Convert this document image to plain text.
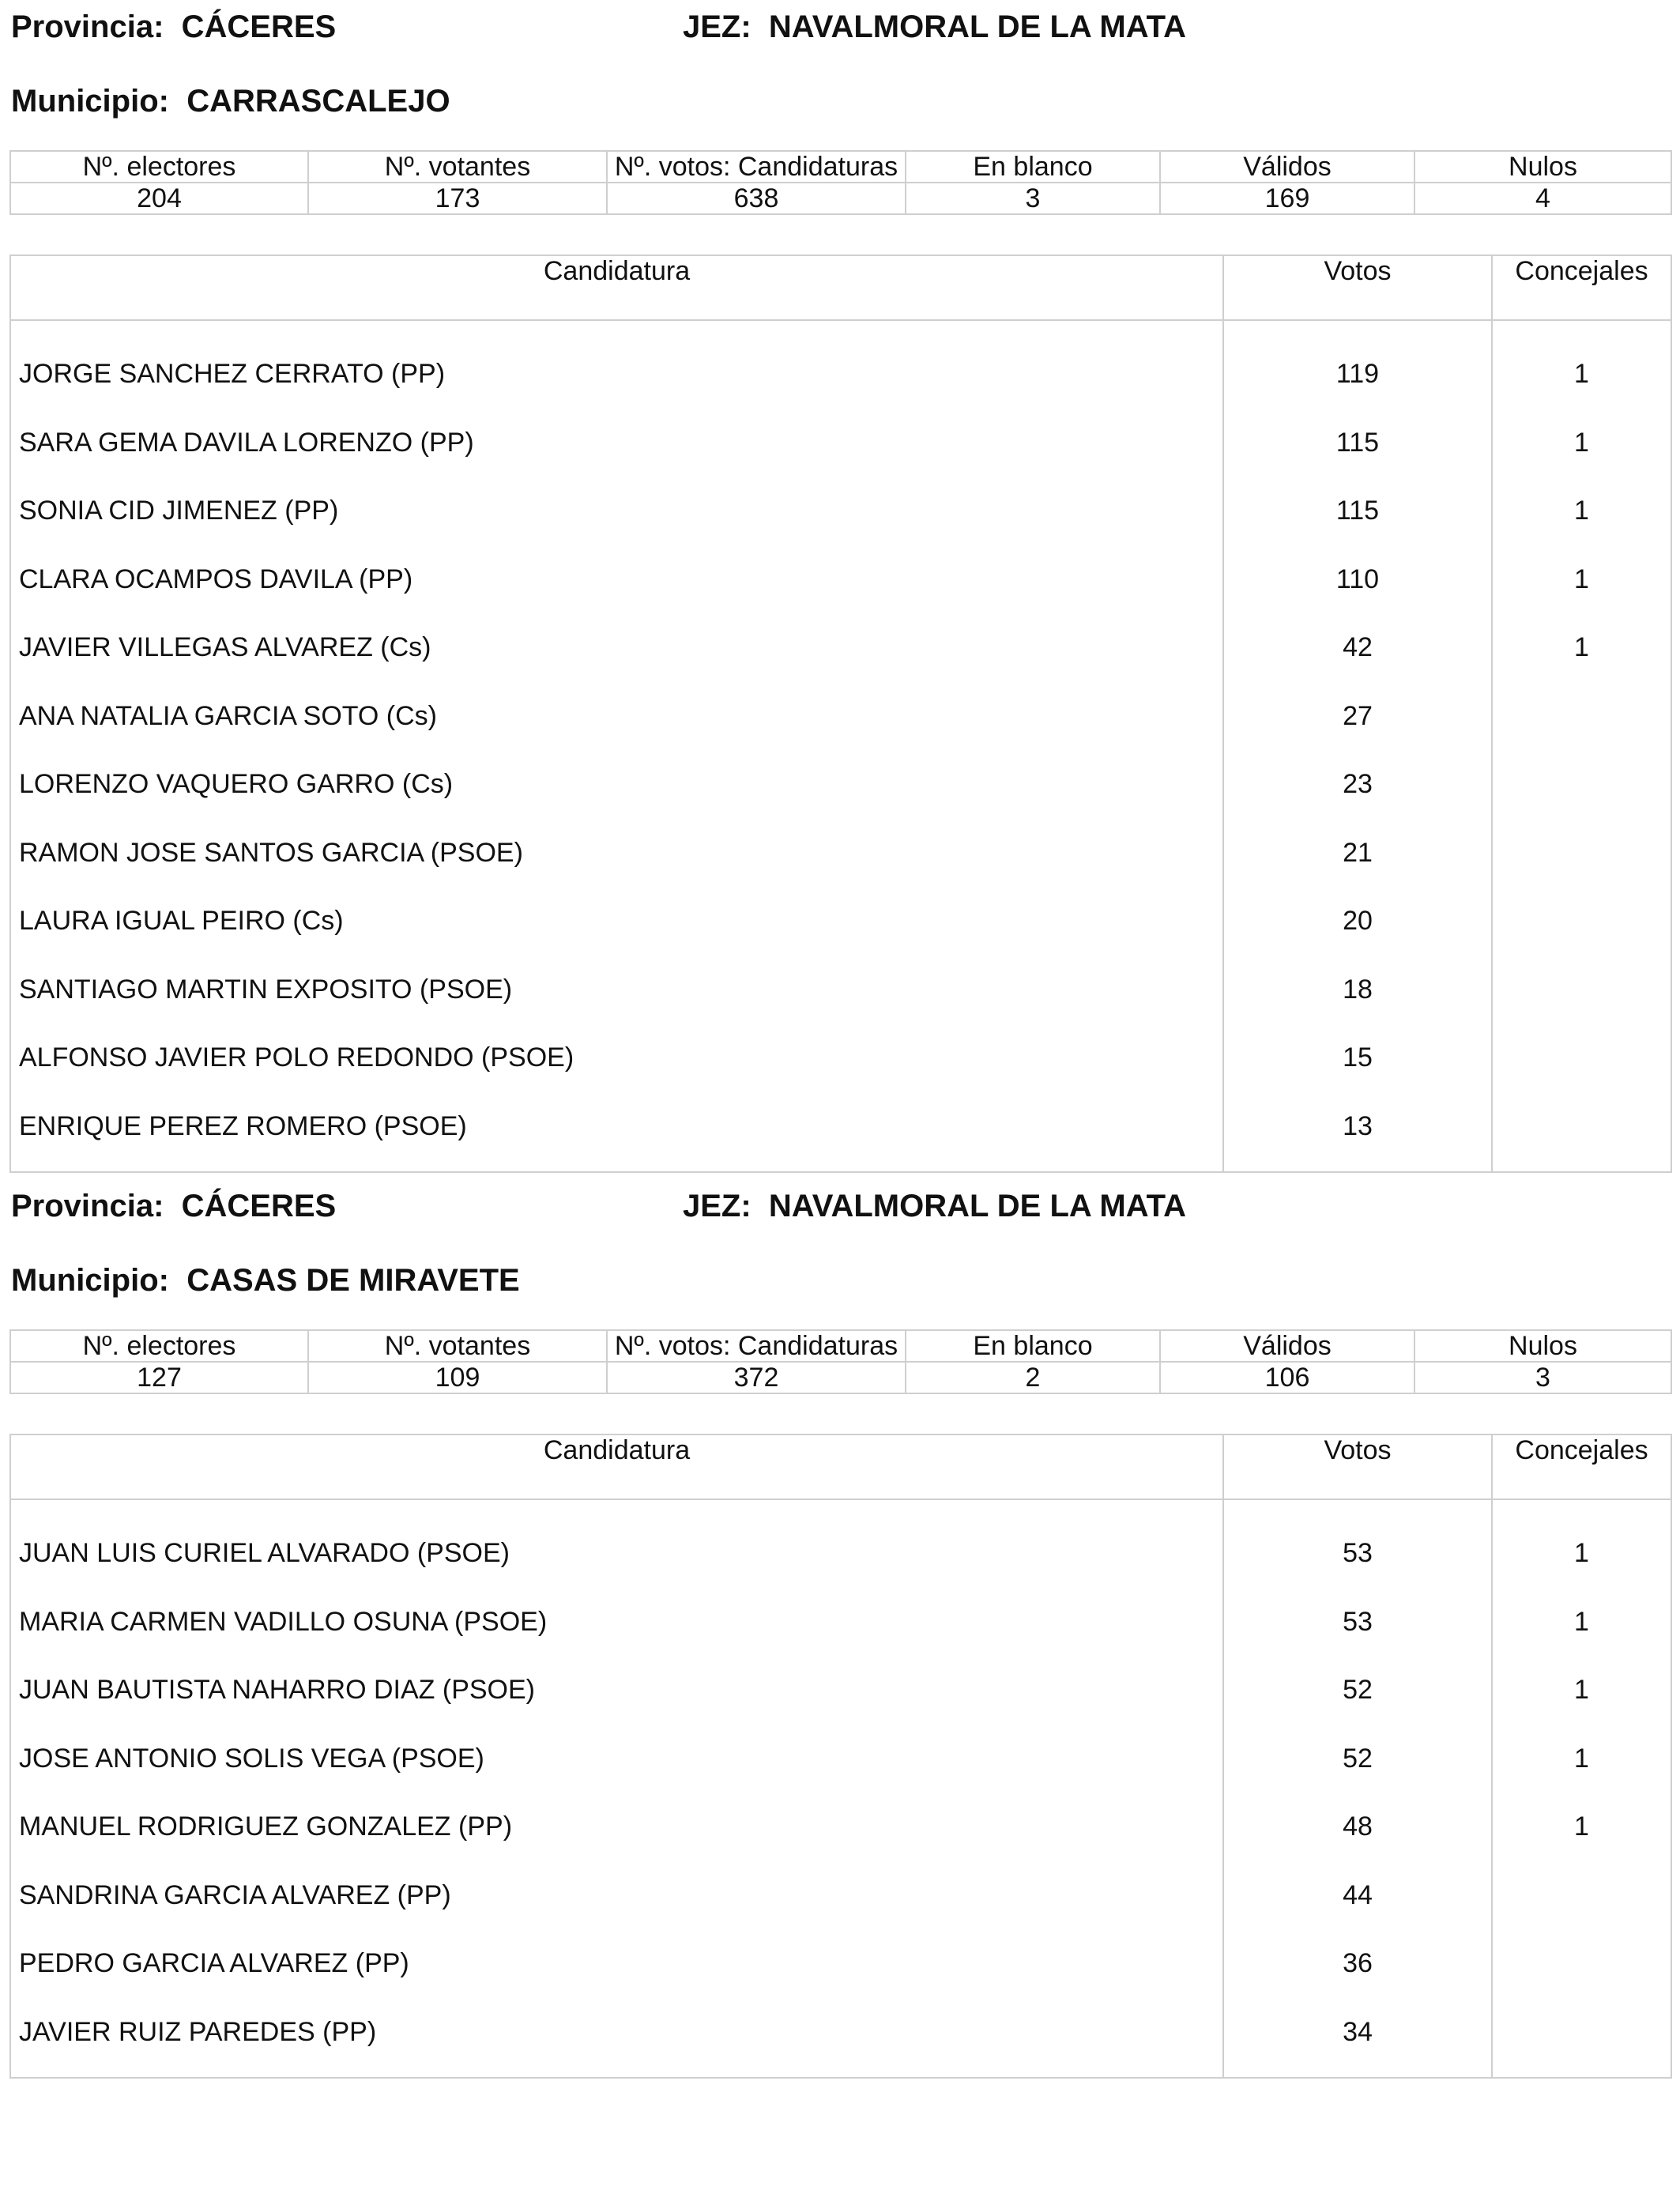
Provincia: CÁCERES	JEZ: NAVALMORAL DE LA MATA
Municipio: CARRASCALEJO
Nº. electores	Nº. votantes	Nº. votos: Candidaturas	En blanco	Válidos	Nulos
204	173	638	3	169	4
Candidatura	Votos	Concejales
JORGE SANCHEZ CERRATO (PP)	119	1
SARA GEMA DAVILA LORENZO (PP)	115	1
SONIA CID JIMENEZ (PP)	115	1
CLARA OCAMPOS DAVILA (PP)	110	1
JAVIER VILLEGAS ALVAREZ (Cs)	42	1
ANA NATALIA GARCIA SOTO (Cs)	27
LORENZO VAQUERO GARRO (Cs)	23
RAMON JOSE SANTOS GARCIA (PSOE)	21
LAURA IGUAL PEIRO (Cs)	20
SANTIAGO MARTIN EXPOSITO (PSOE)	18
ALFONSO JAVIER POLO REDONDO (PSOE)	15
ENRIQUE PEREZ ROMERO (PSOE)	13
Provincia: CÁCERES	JEZ: NAVALMORAL DE LA MATA
Municipio: CASAS DE MIRAVETE
Nº. electores	Nº. votantes	Nº. votos: Candidaturas	En blanco	Válidos	Nulos
127	109	372	2	106	3
Candidatura	Votos	Concejales
JUAN LUIS CURIEL ALVARADO (PSOE)	53	1
MARIA CARMEN VADILLO OSUNA (PSOE)	53	1
JUAN BAUTISTA NAHARRO DIAZ (PSOE)	52	1
JOSE ANTONIO SOLIS VEGA (PSOE)	52	1
MANUEL RODRIGUEZ GONZALEZ (PP)	48	1
SANDRINA GARCIA ALVAREZ (PP)	44
PEDRO GARCIA ALVAREZ (PP)	36
JAVIER RUIZ PAREDES (PP)	34
